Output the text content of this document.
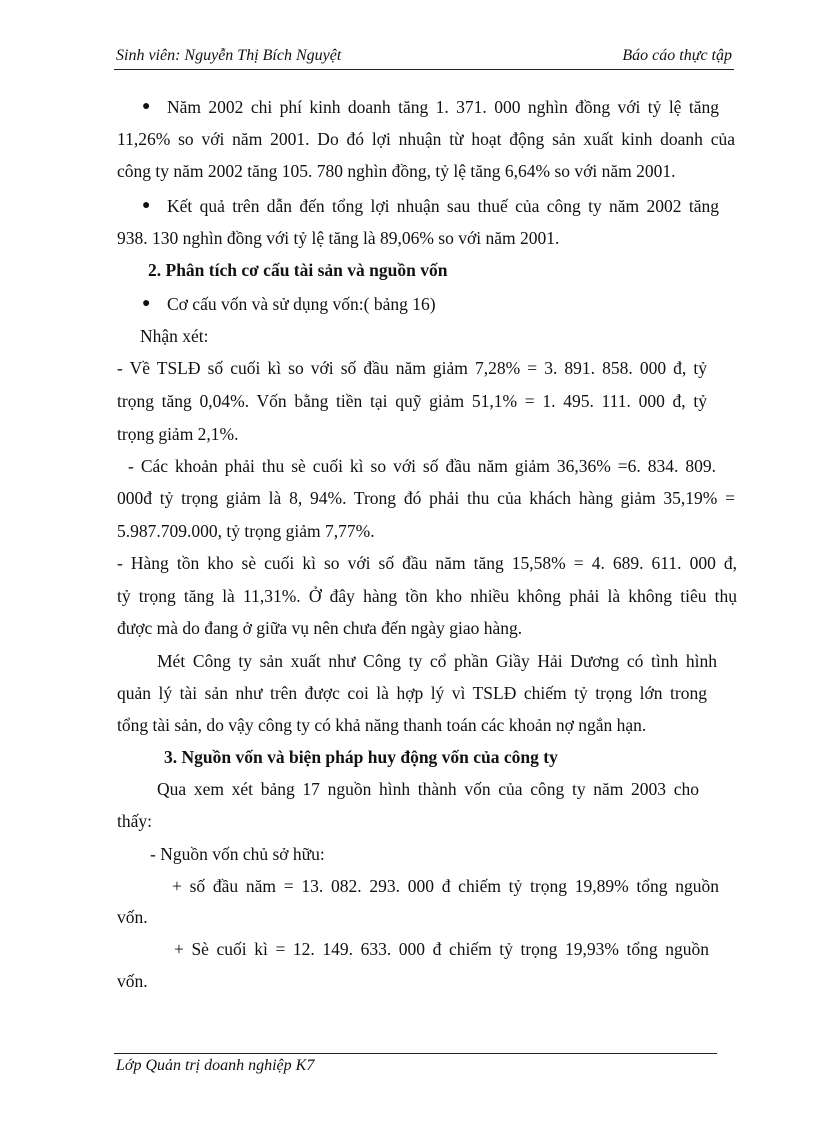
Sinh viên: Nguyễn Thị Bích Nguyệt	Báo cáo thực tập
● Năm 2002 chi phí kinh doanh tăng 1. 371. 000 nghìn đồng với tỷ lệ tăng
11,26% so với năm 2001. Do đó lợi nhuận từ hoạt động sản xuất kinh doanh của
công ty năm 2002 tăng 105. 780 nghìn đồng, tỷ lệ tăng 6,64% so với năm 2001.
● Kết quả trên dẫn đến tổng lợi nhuận sau thuế của công ty năm 2002 tăng
938. 130 nghìn đồng với tỷ lệ tăng là 89,06% so với năm 2001.
2. Phân tích cơ cấu tài sản và nguồn vốn
● Cơ cấu vốn và sử dụng vốn:( bảng 16)
Nhận xét:
- Về TSLĐ số cuối kì so với số đầu năm giảm 7,28% = 3. 891. 858. 000 đ, tỷ
trọng tăng 0,04%. Vốn bằng tiền tại quỹ giảm 51,1% = 1. 495. 111. 000 đ, tỷ
trọng giảm 2,1%.
- Các khoản phải thu sè cuối kì so với số đầu năm giảm 36,36% =6. 834. 809.
000đ tỷ trọng giảm là 8, 94%. Trong đó phải thu của khách hàng giảm 35,19% =
5.987.709.000, tỷ trọng giảm 7,77%.
- Hàng tồn kho sè cuối kì so với số đầu năm tăng 15,58% = 4. 689. 611. 000 đ,
tỷ trọng tăng là 11,31%. Ở đây hàng tồn kho nhiều không phải là không tiêu thụ
được mà do đang ở giữa vụ nên chưa đến ngày giao hàng.
Mét Công ty sản xuất như Công ty cổ phần Giầy Hải Dương có tình hình
quản lý tài sản như trên được coi là hợp lý vì TSLĐ chiếm tỷ trọng lớn trong
tổng tài sản, do vậy công ty có khả năng thanh toán các khoản nợ ngắn hạn.
3. Nguồn vốn và biện pháp huy động vốn của công ty
Qua xem xét bảng 17 nguồn hình thành vốn của công ty năm 2003 cho
thấy:
- Nguồn vốn chủ sở hữu:
+ số đầu năm = 13. 082. 293. 000 đ chiếm tỷ trọng 19,89% tổng nguồn
vốn.
+ Sè cuối kì = 12. 149. 633. 000 đ chiếm tỷ trọng 19,93% tổng nguồn
vốn.
Lớp Quản trị doanh nghiệp K7
